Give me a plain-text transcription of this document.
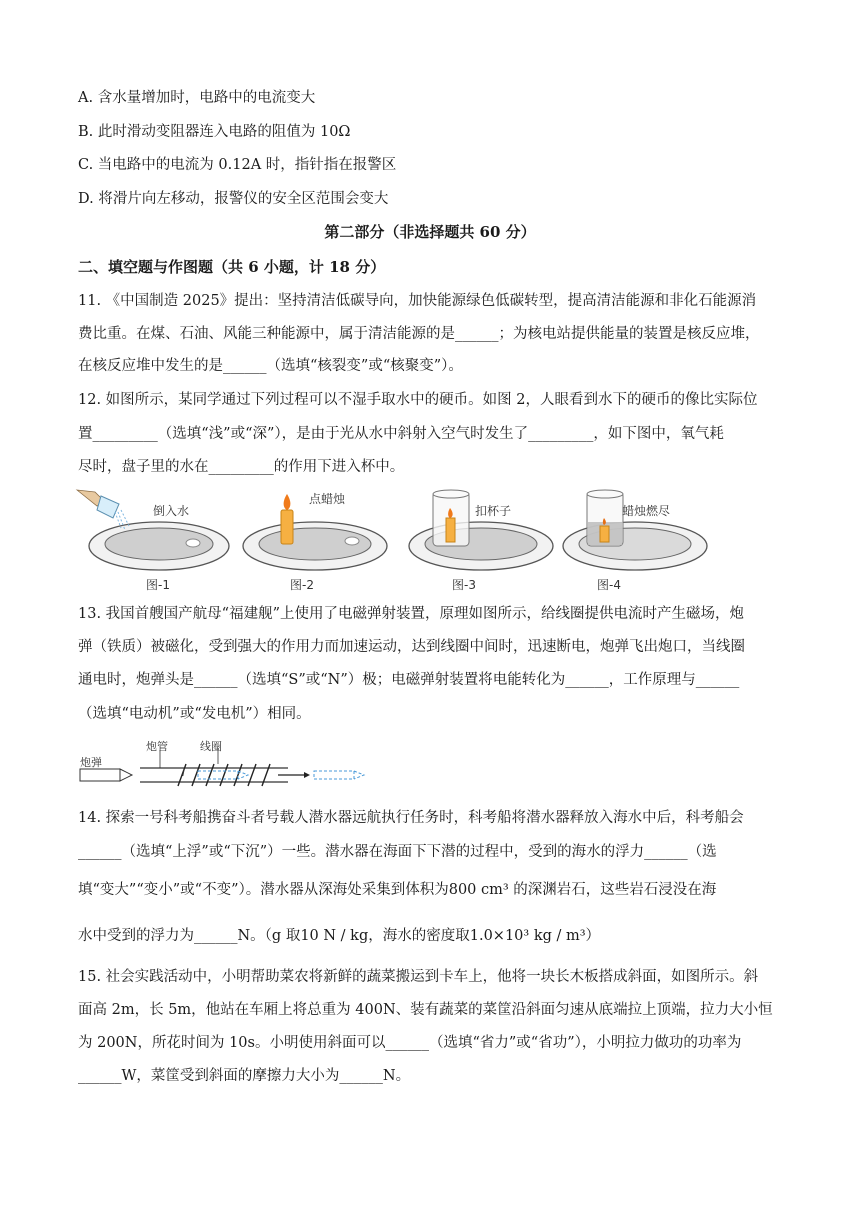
A. 含水量增加时，电路中的电流变大
B. 此时滑动变阻器连入电路的阻值为 10Ω
C. 当电路中的电流为 0.12A 时，指针指在报警区
D. 将滑片向左移动，报警仪的安全区范围会变大
第二部分（非选择题共 60 分）
二、填空题与作图题（共 6 小题，计 18 分）
11. 《中国制造 2025》提出：坚持清洁低碳导向，加快能源绿色低碳转型，提高清洁能源和非化石能源消
费比重。在煤、石油、风能三种能源中，属于清洁能源的是______；为核电站提供能量的装置是核反应堆，
在核反应堆中发生的是______（选填“核裂变”或“核聚变”）。
12. 如图所示，某同学通过下列过程可以不湿手取水中的硬币。如图 2，人眼看到水下的硬币的像比实际位
置_________（选填“浅”或“深”），是由于光从水中斜射入空气时发生了_________，如下图中，氧气耗
尽时，盘子里的水在_________的作用下进入杯中。
倒入水
点蜡烛
扣杯子	蜡烛燃尽
图-1	图-2	图-3	图-4
13. 我国首艘国产航母“福建舰”上使用了电磁弹射装置，原理如图所示，给线圈提供电流时产生磁场，炮
弹（铁质）被磁化，受到强大的作用力而加速运动，达到线圈中间时，迅速断电，炮弹飞出炮口，当线圈
通电时，炮弹头是______（选填“S”或“N”）极；电磁弹射装置将电能转化为______，工作原理与______
（选填“电动机”或“发电机”）相同。
炮弹
炮管	线圈
I
14. 探索一号科考船携奋斗者号载人潜水器远航执行任务时，科考船将潜水器释放入海水中后，科考船会
______（选填“上浮”或“下沉”）一些。潜水器在海面下下潜的过程中，受到的海水的浮力______（选
填“变大”“变小”或“不变”）。潜水器从深海处采集到体积为800 cm³ 的深渊岩石，这些岩石浸没在海
水中受到的浮力为______N。（g 取10 N / kg，海水的密度取1.0×10³ kg / m³）
15. 社会实践活动中，小明帮助菜农将新鲜的蔬菜搬运到卡车上，他将一块长木板搭成斜面，如图所示。斜
面高 2m，长 5m，他站在车厢上将总重为 400N、装有蔬菜的菜筐沿斜面匀速从底端拉上顶端，拉力大小恒
为 200N，所花时间为 10s。小明使用斜面可以______（选填“省力”或“省功”），小明拉力做功的功率为
______W，菜筐受到斜面的摩擦力大小为______N。
